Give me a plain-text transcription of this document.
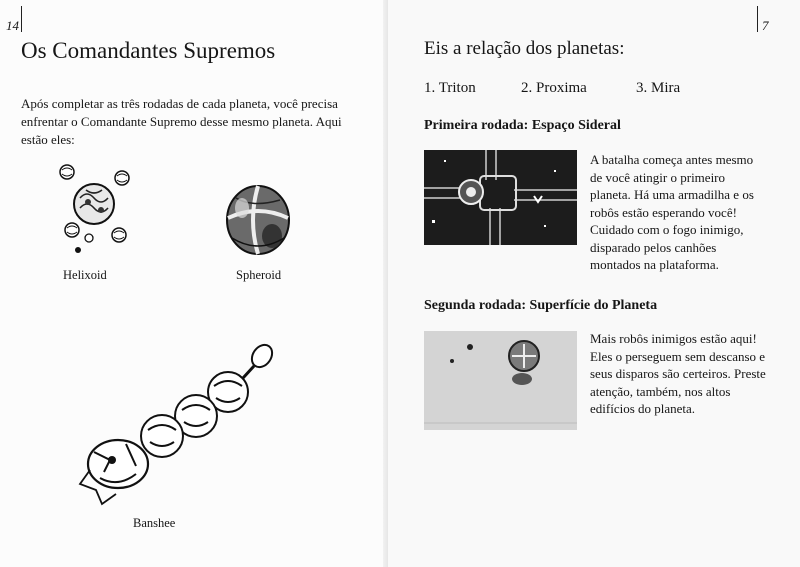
14
Os Comandantes Supremos

Após completar as três rodadas de cada planeta, você precisa enfrentar o Comandante Supremo desse mesmo planeta. Aqui estão eles:

Helixoid	Spheroid
Banshee
7
Eis a relação dos planetas:
1. Triton	2. Proxima	3. Mira
Primeira rodada: Espaço Sideral

A batalha começa antes mesmo de você atingir o primeiro planeta. Há uma armadilha e os robôs estão esperando você! Cuidado com o fogo inimigo, disparado pelos canhões montados na plataforma.

Segunda rodada: Superfície do Planeta

Mais robôs inimigos estão aqui! Eles o perseguem sem descanso e seus disparos são certeiros. Preste atenção, também, nos altos edifícios do planeta.
